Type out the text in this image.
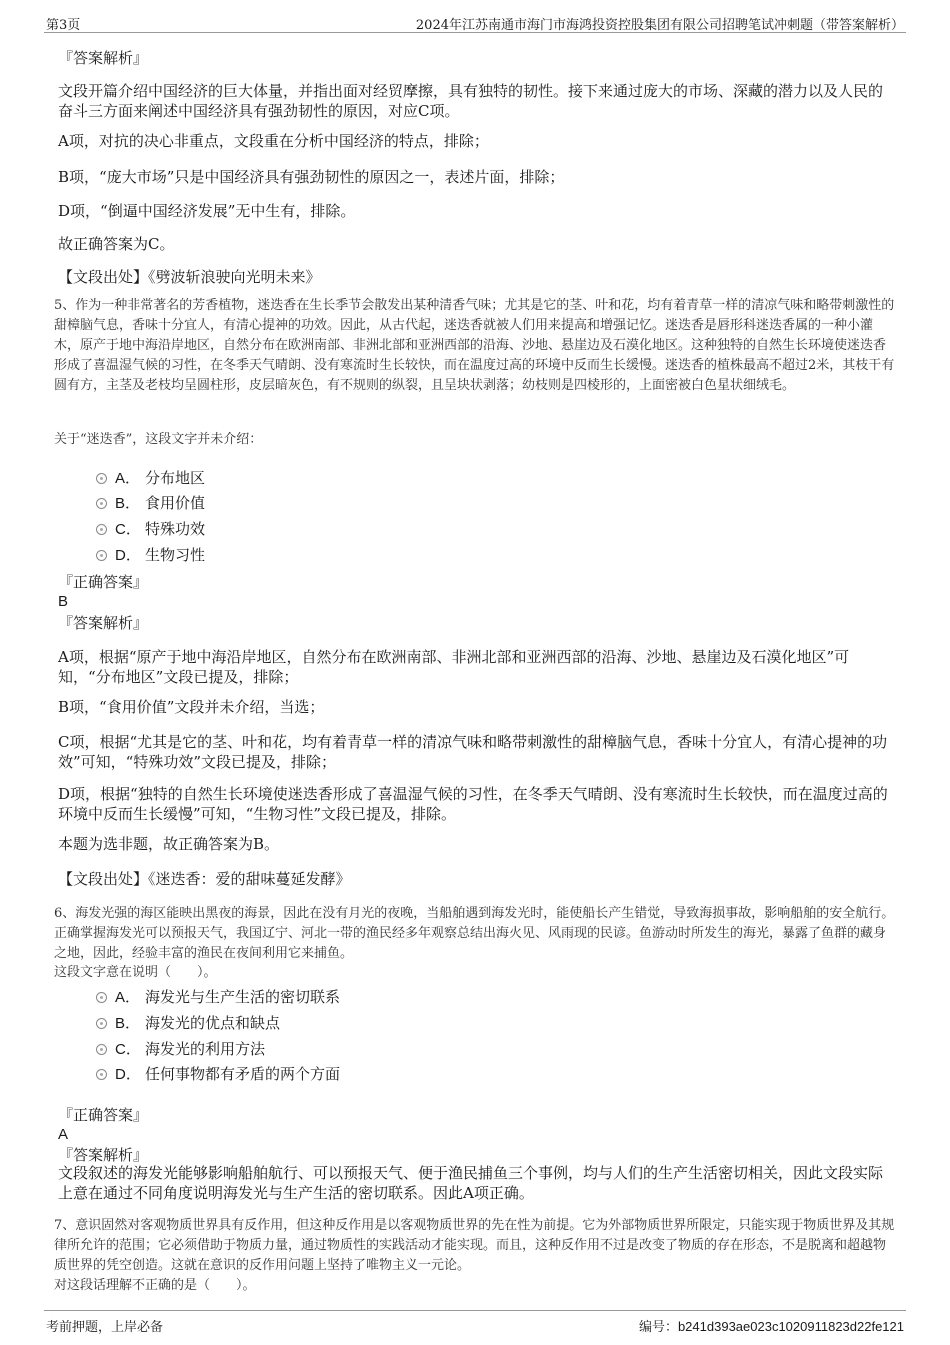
第3页	2024年江苏南通市海门市海鸿投资控股集团有限公司招聘笔试冲刺题（带答案解析）

『答案解析』

文段开篇介绍中国经济的巨大体量，并指出面对经贸摩擦，具有独特的韧性。接下来通过庞大的市场、深藏的潜力以及人民的奋斗三方面来阐述中国经济具有强劲韧性的原因，对应C项。

A项，对抗的决心非重点，文段重在分析中国经济的特点，排除；

B项，“庞大市场”只是中国经济具有强劲韧性的原因之一，表述片面，排除；

D项，“倒逼中国经济发展”无中生有，排除。

故正确答案为C。

【文段出处】《劈波斩浪驶向光明未来》

5、作为一种非常著名的芳香植物，迷迭香在生长季节会散发出某种清香气味；尤其是它的茎、叶和花，均有着青草一样的清凉气味和略带刺激性的甜樟脑气息，香味十分宜人，有清心提神的功效。因此，从古代起，迷迭香就被人们用来提高和增强记忆。迷迭香是唇形科迷迭香属的一种小灌木，原产于地中海沿岸地区，自然分布在欧洲南部、非洲北部和亚洲西部的沿海、沙地、悬崖边及石漠化地区。这种独特的自然生长环境使迷迭香形成了喜温湿气候的习性，在冬季天气晴朗、没有寒流时生长较快，而在温度过高的环境中反而生长缓慢。迷迭香的植株最高不超过2米，其枝干有圆有方，主茎及老枝均呈圆柱形，皮层暗灰色，有不规则的纵裂，且呈块状剥落；幼枝则是四棱形的，上面密被白色星状细绒毛。

关于“迷迭香”，这段文字并未介绍：

A． 分布地区
B． 食用价值
C． 特殊功效
D． 生物习性

『正确答案』

B

『答案解析』

A项，根据“原产于地中海沿岸地区，自然分布在欧洲南部、非洲北部和亚洲西部的沿海、沙地、悬崖边及石漠化地区”可知，“分布地区”文段已提及，排除；

B项，“食用价值”文段并未介绍，当选；

C项，根据“尤其是它的茎、叶和花，均有着青草一样的清凉气味和略带刺激性的甜樟脑气息，香味十分宜人，有清心提神的功效”可知，“特殊功效”文段已提及，排除；

D项，根据“独特的自然生长环境使迷迭香形成了喜温湿气候的习性，在冬季天气晴朗、没有寒流时生长较快，而在温度过高的环境中反而生长缓慢”可知，“生物习性”文段已提及，排除。

本题为选非题，故正确答案为B。

【文段出处】《迷迭香：爱的甜味蔓延发酵》

6、海发光强的海区能映出黑夜的海景，因此在没有月光的夜晚，当船舶遇到海发光时，能使船长产生错觉，导致海损事故，影响船舶的安全航行。正确掌握海发光可以预报天气，我国辽宁、河北一带的渔民经多年观察总结出海火见、风雨现的民谚。鱼游动时所发生的海光，暴露了鱼群的藏身之地，因此，经验丰富的渔民在夜间利用它来捕鱼。

这段文字意在说明（　　）。

A． 海发光与生产生活的密切联系
B． 海发光的优点和缺点
C． 海发光的利用方法
D． 任何事物都有矛盾的两个方面

『正确答案』

A

『答案解析』

文段叙述的海发光能够影响船舶航行、可以预报天气、便于渔民捕鱼三个事例，均与人们的生产生活密切相关，因此文段实际上意在通过不同角度说明海发光与生产生活的密切联系。因此A项正确。

7、意识固然对客观物质世界具有反作用，但这种反作用是以客观物质世界的先在性为前提。它为外部物质世界所限定，只能实现于物质世界及其规律所允许的范围；它必须借助于物质力量，通过物质性的实践活动才能实现。而且，这种反作用不过是改变了物质的存在形态，不是脱离和超越物质世界的凭空创造。这就在意识的反作用问题上坚持了唯物主义一元论。

对这段话理解不正确的是（　　）。

考前押题，上岸必备	编号：b241d393ae023c1020911823d22fe121
